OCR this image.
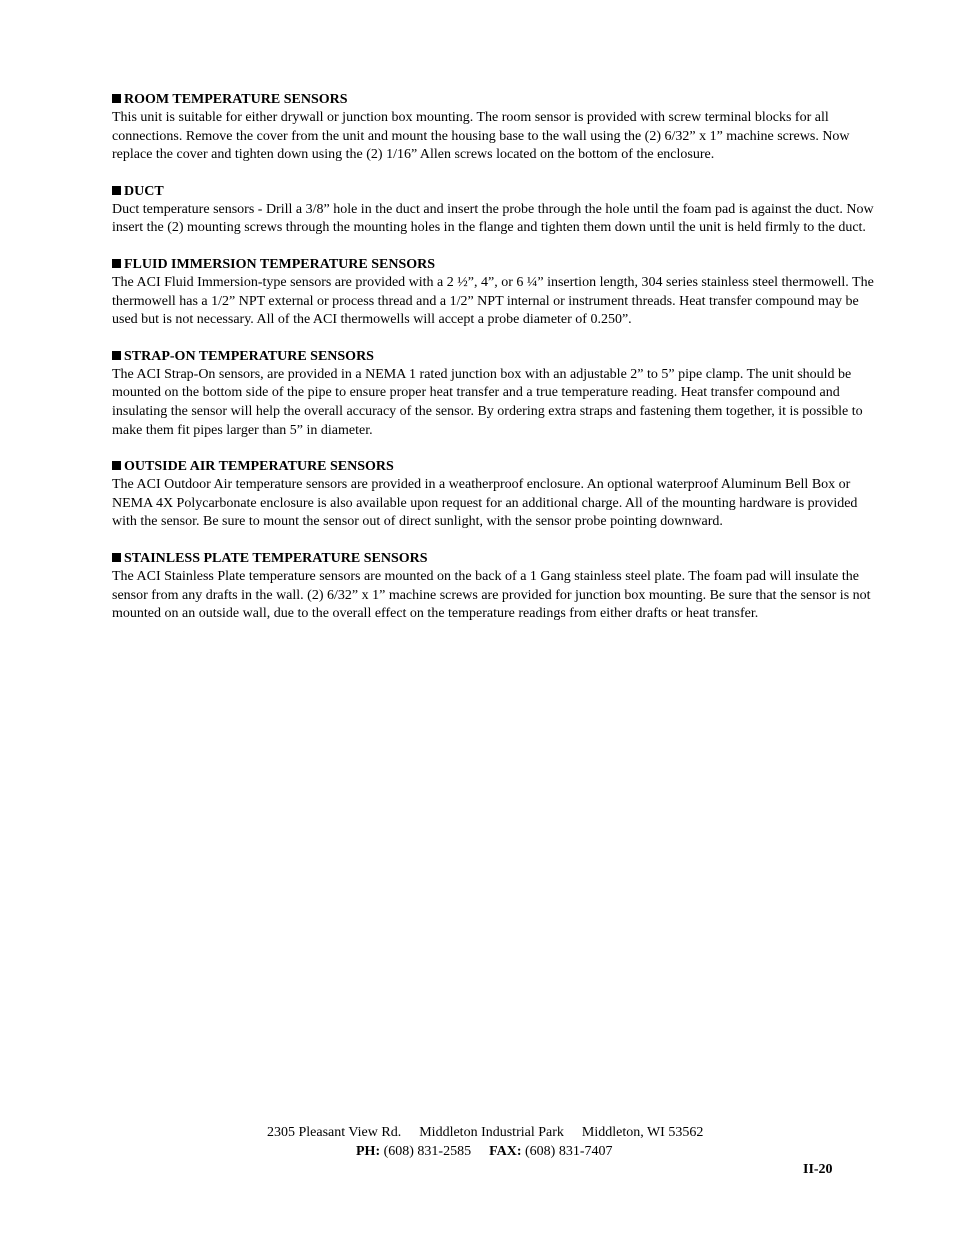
ROOM TEMPERATURE SENSORS

This unit is suitable for either drywall or junction box mounting. The room sensor is provided with screw terminal blocks for all connections. Remove the cover from the unit and mount the housing base to the wall using the (2) 6/32” x 1” machine screws. Now replace the cover and tighten down using the (2) 1/16” Allen screws located on the bottom of the enclosure.

DUCT

Duct temperature sensors - Drill a 3/8” hole in the duct and insert the probe through the hole until the foam pad is against the duct. Now insert the (2) mounting screws through the mounting holes in the flange and tighten them down until the unit is held firmly to the duct.

FLUID IMMERSION TEMPERATURE SENSORS

The ACI Fluid Immersion-type sensors are provided with a 2 ½”, 4”, or 6 ¼” insertion length, 304 series stainless steel thermowell. The thermowell has a 1/2” NPT external or process thread and a 1/2” NPT internal or instrument threads. Heat transfer compound may be used but is not necessary. All of the ACI thermowells will accept a probe diameter of 0.250”.

STRAP-ON TEMPERATURE SENSORS

The ACI Strap-On sensors, are provided in a NEMA 1 rated junction box with an adjustable 2” to 5” pipe clamp. The unit should be mounted on the bottom side of the pipe to ensure proper heat transfer and a true temperature reading. Heat transfer compound and insulating the sensor will help the overall accuracy of the sensor. By ordering extra straps and fastening them together, it is possible to make them fit pipes larger than 5” in diameter.

OUTSIDE AIR TEMPERATURE SENSORS

The ACI Outdoor Air temperature sensors are provided in a weatherproof enclosure. An optional waterproof Aluminum Bell Box or NEMA 4X Polycarbonate enclosure is also available upon request for an additional charge. All of the mounting hardware is provided with the sensor. Be sure to mount the sensor out of direct sunlight, with the sensor probe pointing downward.

STAINLESS PLATE TEMPERATURE SENSORS

The ACI Stainless Plate temperature sensors are mounted on the back of a 1 Gang stainless steel plate. The foam pad will insulate the sensor from any drafts in the wall. (2) 6/32” x 1” machine screws are provided for junction box mounting. Be sure that the sensor is not mounted on an outside wall, due to the overall effect on the temperature readings from either drafts or heat transfer.

2305 Pleasant View Rd. Middleton Industrial Park Middleton, WI 53562
PH: (608) 831-2585 FAX: (608) 831-7407
II-20
